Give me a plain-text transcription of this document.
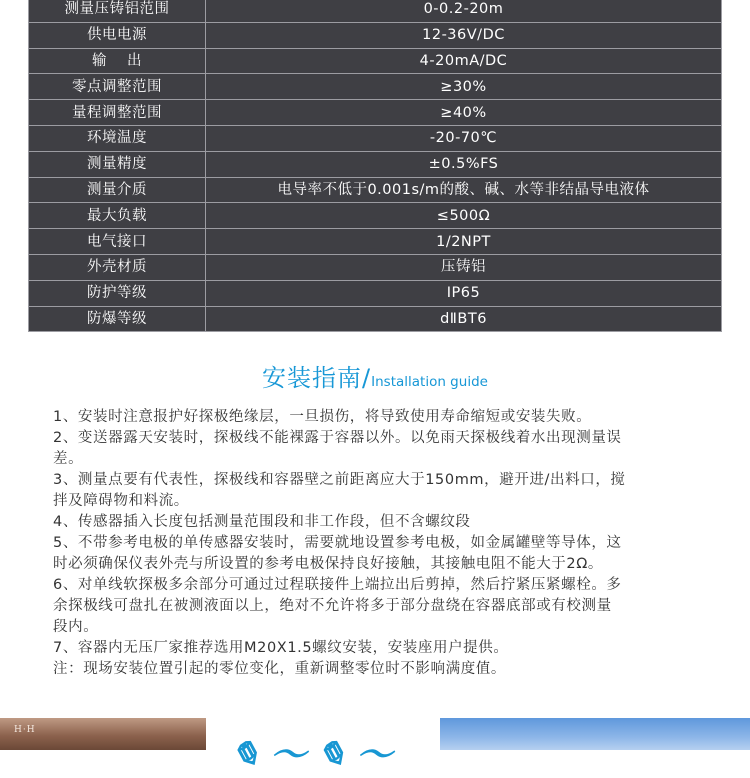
测量压铸铝范围	0-0.2-20m
供电电源	12-36V/DC
输　 出	4-20mA/DC
零点调整范围	≥30%
量程调整范围	≥40%
环境温度	-20-70℃
测量精度	±0.5%FS
测量介质	电导率不低于0.001s/m的酸、碱、水等非结晶导电液体
最大负载	≤500Ω
电气接口	1/2NPT
外壳材质	压铸铝
防护等级	IP65
防爆等级	dⅡBT6
安装指南/Installation guide

1、安装时注意报护好探极绝缘层，一旦损伤，将导致使用寿命缩短或安装失败。

2、变送器露天安装时，探极线不能裸露于容器以外。以免雨天探极线着水出现测量误

差。

3、测量点要有代表性，探极线和容器壁之前距离应大于150mm，避开进/出料口，搅

拌及障碍物和料流。

4、传感器插入长度包括测量范围段和非工作段，但不含螺纹段

5、不带参考电极的单传感器安装时，需要就地设置参考电极，如金属罐壁等导体，这

时必须确保仪表外壳与所设置的参考电极保持良好接触，其接触电阻不能大于2Ω。

6、对单线软探极多余部分可通过过程联接件上端拉出后剪掉，然后拧紧压紧螺栓。多

余探极线可盘扎在被测液面以上，绝对不允许将多于部分盘绕在容器底部或有校测量

段内。

7、容器内无压厂家推荐选用M20X1.5螺纹安装，安装座用户提供。

注：现场安装位置引起的零位变化，重新调整零位时不影响满度值。

H·H
✎〜✎〜
